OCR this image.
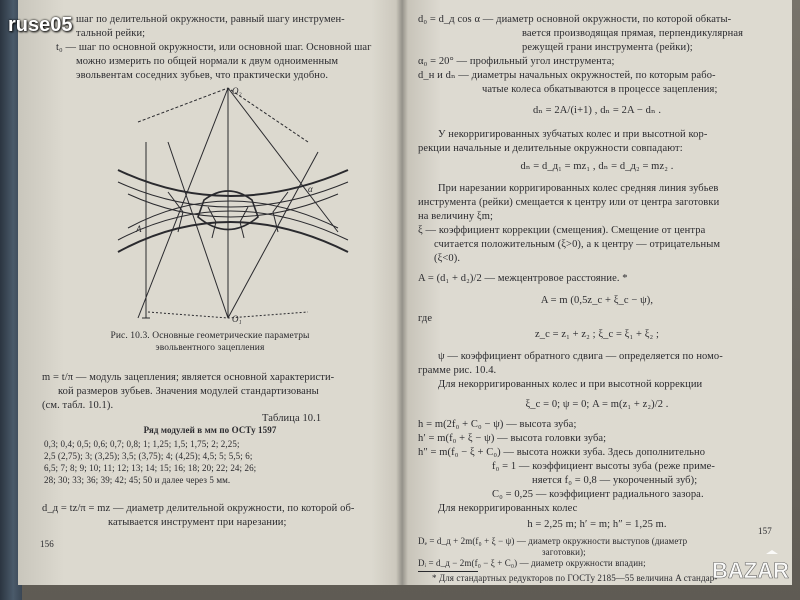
шаг по делительной окружности, равный шагу инструмен-
тальной рейки;
t₀ — шаг по основной окружности, или основной шаг. Основной шаг
можно измерить по общей нормали к двум одноименным
эвольвентам соседних зубьев, что практически удобно.
O₂
O₁
A
α
Рис. 10.3. Основные геометрические параметры
эвольвентного зацепления
m = t/π — модуль зацепления; является основной характеристи-
кой размеров зубьев. Значения модулей стандартизованы
(см. табл. 10.1).
Таблица 10.1
Ряд модулей в мм по ОСТу 1597
0,3; 0,4; 0,5; 0,6; 0,7; 0,8; 1; 1,25; 1,5; 1,75; 2; 2,25;
2,5 (2,75); 3; (3,25); 3,5; (3,75); 4; (4,25); 4,5; 5; 5,5; 6;
6,5; 7; 8; 9; 10; 11; 12; 13; 14; 15; 16; 18; 20; 22; 24; 26;
28; 30; 33; 36; 39; 42; 45; 50 и далее через 5 мм.
d_д = tz/π = mz — диаметр делительной окружности, по которой об-
катывается инструмент при нарезании;
156
d₀ = d_д cos α — диаметр основной окружности, по которой обкаты-
вается производящая прямая, перпендикулярная
режущей грани инструмента (рейки);
α₀ = 20° — профильный угол инструмента;
d_н и dₙ — диаметры начальных окружностей, по которым рабо-
чатые колеса обкатываются в процессе зацепления;
dₙ = 2A/(i+1) , dₙ = 2A − dₙ .
У некорригированных зубчатых колес и при высотной кор-
рекции начальные и делительные окружности совпадают:
dₙ = d_д₁ = mz₁ , dₙ = d_д₂ = mz₂ .
При нарезании корригированных колес средняя линия зубьев
инструмента (рейки) смещается к центру или от центра заготовки
на величину ξm;
ξ — коэффициент коррекции (смещения). Смещение от центра
считается положительным (ξ>0), а к центру — отрицательным
(ξ<0).
A = (d₁ + d₂)/2 — межцентровое расстояние. *
A = m (0,5z_c + ξ_c − ψ),
где
z_c = z₁ + z₂ ; ξ_c = ξ₁ + ξ₂ ;
ψ — коэффициент обратного сдвига — определяется по номо-
грамме рис. 10.4.
Для некорригированных колес и при высотной коррекции
ξ_c = 0; ψ = 0; A = m(z₁ + z₂)/2 .
h = m(2f₀ + C₀ − ψ) — высота зуба;
h′ = m(f₀ + ξ − ψ) — высота головки зуба;
h″ = m(f₀ − ξ + C₀) — высота ножки зуба. Здесь дополнительно
f₀ = 1 — коэффициент высоты зуба (реже приме-
няется f₀ = 0,8 — укороченный зуб);
C₀ = 0,25 — коэффициент радиального зазора.
Для некорригированных колес
h = 2,25 m; h′ = m; h″ = 1,25 m.
Dₑ = d_д + 2m(f₀ + ξ − ψ) — диаметр окружности выступов (диаметр
заготовки);
Dᵢ = d_д − 2m(f₀ − ξ + C₀) — диаметр окружности впадин;
* Для стандартных редукторов по ГОСТу 2185—55 величина A стандар-
157
ruse05
BAZAR
